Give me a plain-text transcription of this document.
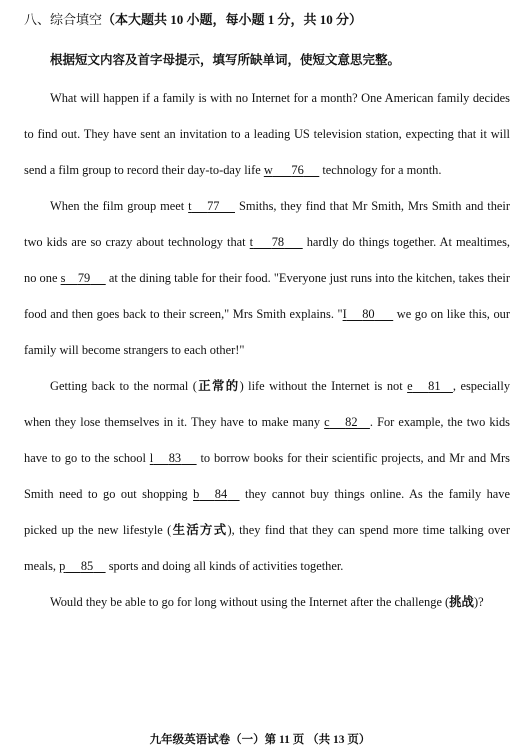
八、综合填空（本大题共 10 小题，每小题 1 分，共 10 分）
根据短文内容及首字母提示，填写所缺单词，使短文意思完整。

What will happen if a family is with no Internet for a month? One American family decides to find out. They have sent an invitation to a leading US television station, expecting that it will send a film group to record their day-to-day life w 76      technology for a month.

When the film group meet t 77      Smiths, they find that Mr Smith, Mrs Smith and their two kids are so crazy about technology that t 78       hardly do things together. At mealtimes, no one s 79      at the dining table for their food. "Everyone just runs into the kitchen, takes their food and then goes back to their screen," Mrs Smith explains. "I 80       we go on like this, our family will become strangers to each other!"

Getting back to the normal (正常的) life without the Internet is not e 81 , especially when they lose themselves in it. They have to make many c 82 . For example, the two kids have to go to the school l 83      to borrow books for their scientific projects, and Mr and Mrs Smith need to go out shopping b 84     they cannot buy things online. As the family have picked up the new lifestyle (生活方式), they find that they can spend more time talking over meals, p 85     sports and doing all kinds of activities together.

Would they be able to go for long without using the Internet after the challenge (挑战)?

九年级英语试卷（一）第 11 页 （共 13 页）
